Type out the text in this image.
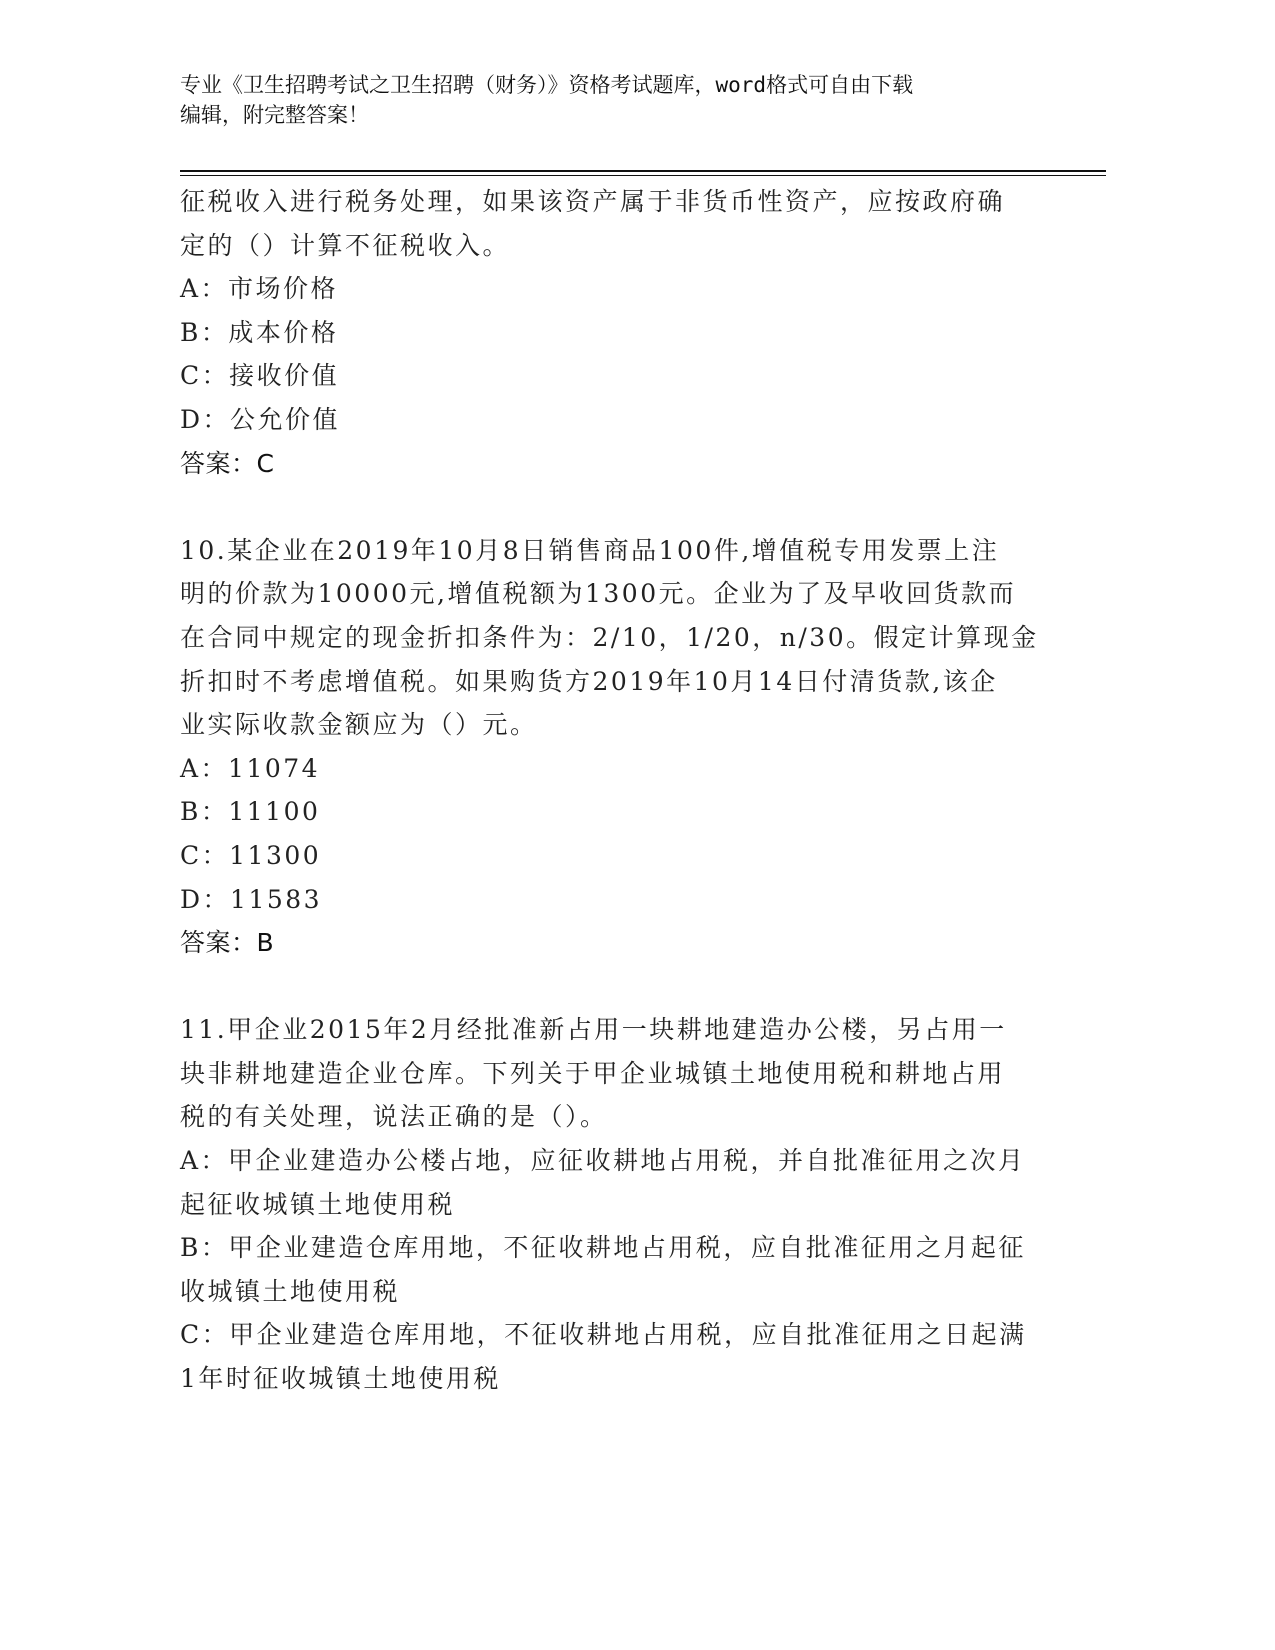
专业《卫生招聘考试之卫生招聘（财务）》资格考试题库，word格式可自由下载
编辑，附完整答案！
征税收入进行税务处理，如果该资产属于非货币性资产，应按政府确
定的（）计算不征税收入。
A：市场价格
B：成本价格
C：接收价值
D：公允价值
答案：C
10.某企业在2019年10月8日销售商品100件,增值税专用发票上注
明的价款为10000元,增值税额为1300元。企业为了及早收回货款而
在合同中规定的现金折扣条件为：2/10，1/20，n/30。假定计算现金
折扣时不考虑增值税。如果购货方2019年10月14日付清货款,该企
业实际收款金额应为（）元。
A：11074
B：11100
C：11300
D：11583
答案：B
11.甲企业2015年2月经批准新占用一块耕地建造办公楼，另占用一
块非耕地建造企业仓库。下列关于甲企业城镇土地使用税和耕地占用
税的有关处理，说法正确的是（）。
A：甲企业建造办公楼占地，应征收耕地占用税，并自批准征用之次月
起征收城镇土地使用税
B：甲企业建造仓库用地，不征收耕地占用税，应自批准征用之月起征
收城镇土地使用税
C：甲企业建造仓库用地，不征收耕地占用税，应自批准征用之日起满
1年时征收城镇土地使用税
